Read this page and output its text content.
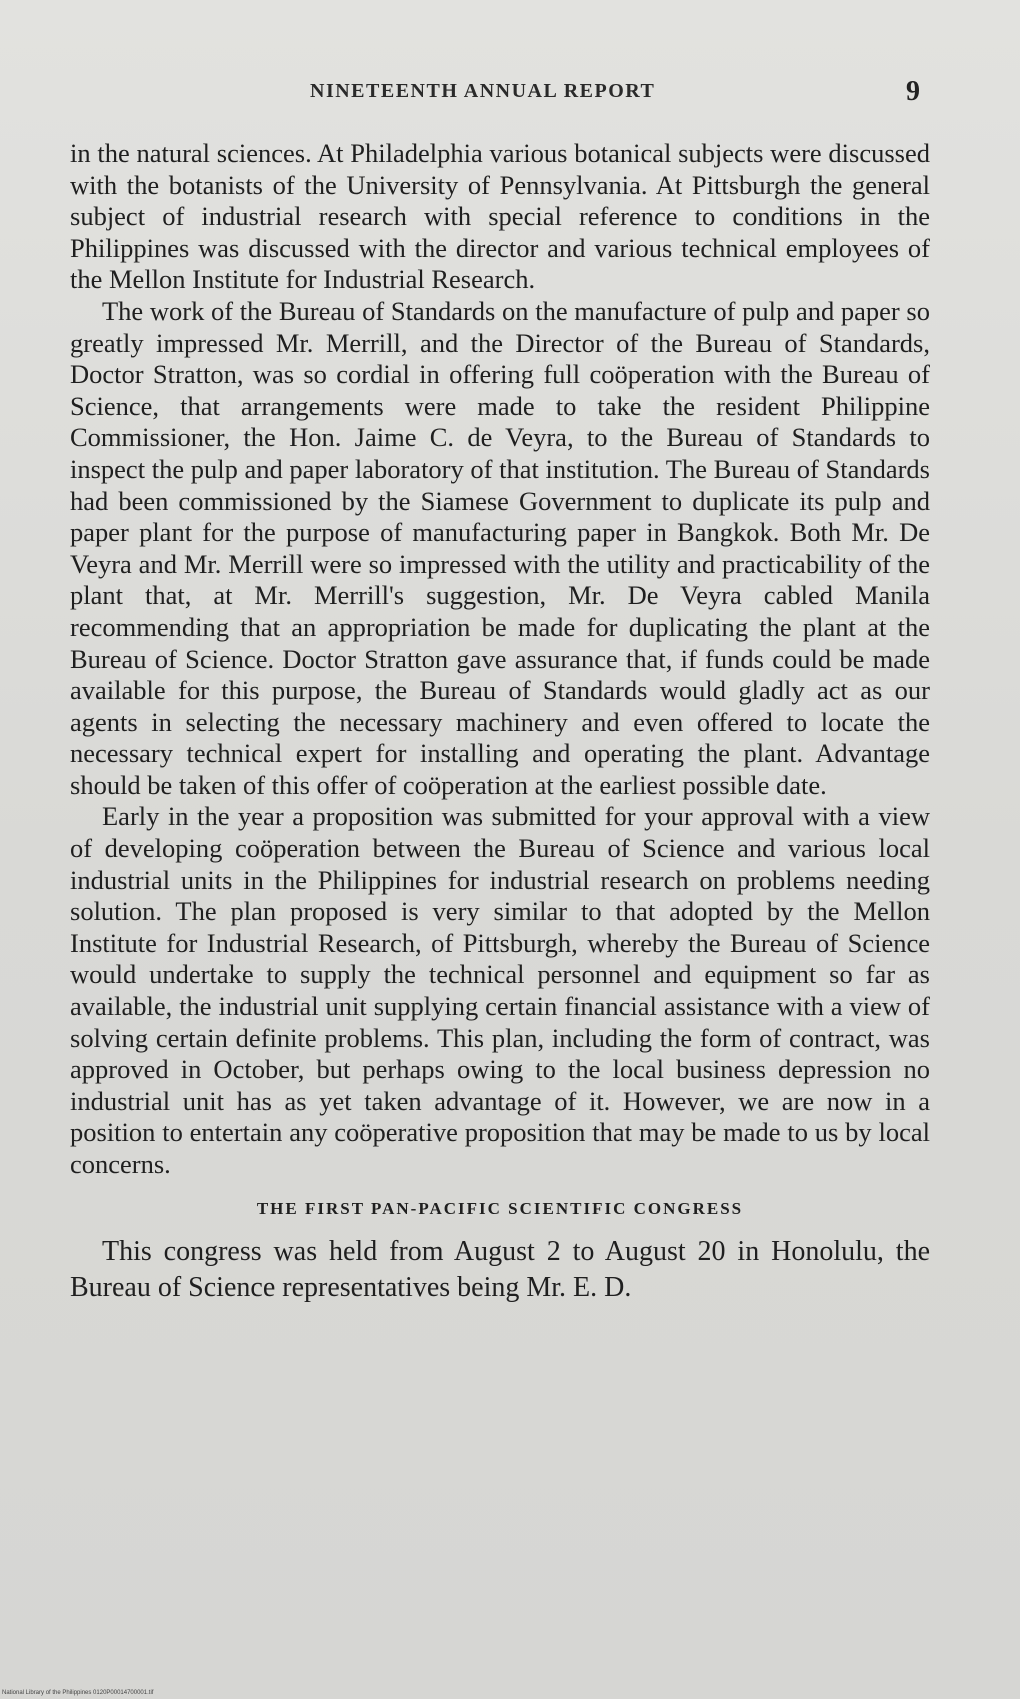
NINETEENTH ANNUAL REPORT	9

in the natural sciences. At Philadelphia various botanical subjects were discussed with the botanists of the University of Pennsylvania. At Pittsburgh the general subject of industrial research with special reference to conditions in the Philippines was discussed with the director and various technical employees of the Mellon Institute for Industrial Research.

The work of the Bureau of Standards on the manufacture of pulp and paper so greatly impressed Mr. Merrill, and the Director of the Bureau of Standards, Doctor Stratton, was so cordial in offering full coöperation with the Bureau of Science, that arrangements were made to take the resident Philippine Commissioner, the Hon. Jaime C. de Veyra, to the Bureau of Standards to inspect the pulp and paper laboratory of that institution. The Bureau of Standards had been commissioned by the Siamese Government to duplicate its pulp and paper plant for the purpose of manufacturing paper in Bangkok. Both Mr. De Veyra and Mr. Merrill were so impressed with the utility and practicability of the plant that, at Mr. Merrill's suggestion, Mr. De Veyra cabled Manila recommending that an appropriation be made for duplicating the plant at the Bureau of Science. Doctor Stratton gave assurance that, if funds could be made available for this purpose, the Bureau of Standards would gladly act as our agents in selecting the necessary machinery and even offered to locate the necessary technical expert for installing and operating the plant. Advantage should be taken of this offer of coöperation at the earliest possible date.

Early in the year a proposition was submitted for your approval with a view of developing coöperation between the Bureau of Science and various local industrial units in the Philippines for industrial research on problems needing solution. The plan proposed is very similar to that adopted by the Mellon Institute for Industrial Research, of Pittsburgh, whereby the Bureau of Science would undertake to supply the technical personnel and equipment so far as available, the industrial unit supplying certain financial assistance with a view of solving certain definite problems. This plan, including the form of contract, was approved in October, but perhaps owing to the local business depression no industrial unit has as yet taken advantage of it. However, we are now in a position to entertain any coöperative proposition that may be made to us by local concerns.

THE FIRST PAN-PACIFIC SCIENTIFIC CONGRESS

This congress was held from August 2 to August 20 in Honolulu, the Bureau of Science representatives being Mr. E. D.

National Library of the Philippines 0120P00014700001.tif
